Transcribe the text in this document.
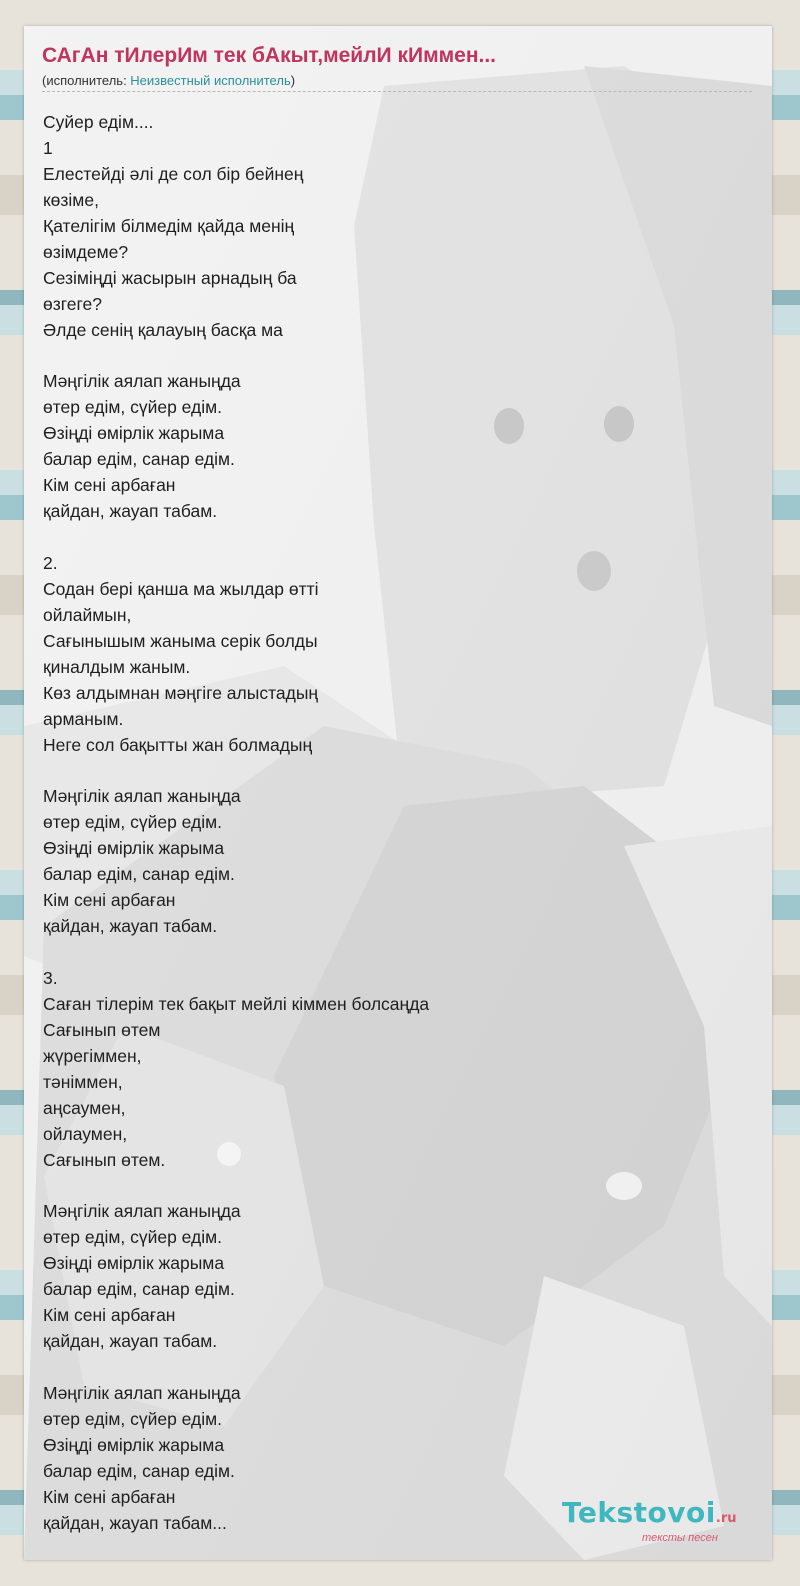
САгАн тИлерИм тек бАкыт,мейлИ кИммен...
(исполнитель: Неизвестный исполнитель)
Суйер едім....
1
Елестейді әлі де сол бір бейнең
көзіме,
Қателігім білмедім қайда менің
өзімдеме?
Сезіміңді жасырын арнадың ба
өзгеге?
Әлде сенің қалауың басқа ма
Мәңгілік аялап жаныңда
өтер едім, сүйер едім.
Өзіңді өмірлік жарыма
балар едім, санар едім.
Кім сені арбаған
қайдан, жауап табам.
2.
Содан бері қанша ма жылдар өтті
ойлаймын,
Сағынышым жаныма серік болды
қиналдым жаным.
Көз алдымнан мәңгіге алыстадың
арманым.
Неге сол бақытты жан болмадың
Мәңгілік аялап жаныңда
өтер едім, сүйер едім.
Өзіңді өмірлік жарыма
балар едім, санар едім.
Кім сені арбаған
қайдан, жауап табам.
3.
Саған тілерім тек бақыт мейлі кіммен болсаңда
Сағынып өтем
жүрегіммен,
тәніммен,
аңсаумен,
ойлаумен,
Сағынып өтем.
Мәңгілік аялап жаныңда
өтер едім, сүйер едім.
Өзіңді өмірлік жарыма
балар едім, санар едім.
Кім сені арбаған
қайдан, жауап табам.
Мәңгілік аялап жаныңда
өтер едім, сүйер едім.
Өзіңді өмірлік жарыма
балар едім, санар едім.
Кім сені арбаған
қайдан, жауап табам...	Tekstovoi.ru
тексты песен
